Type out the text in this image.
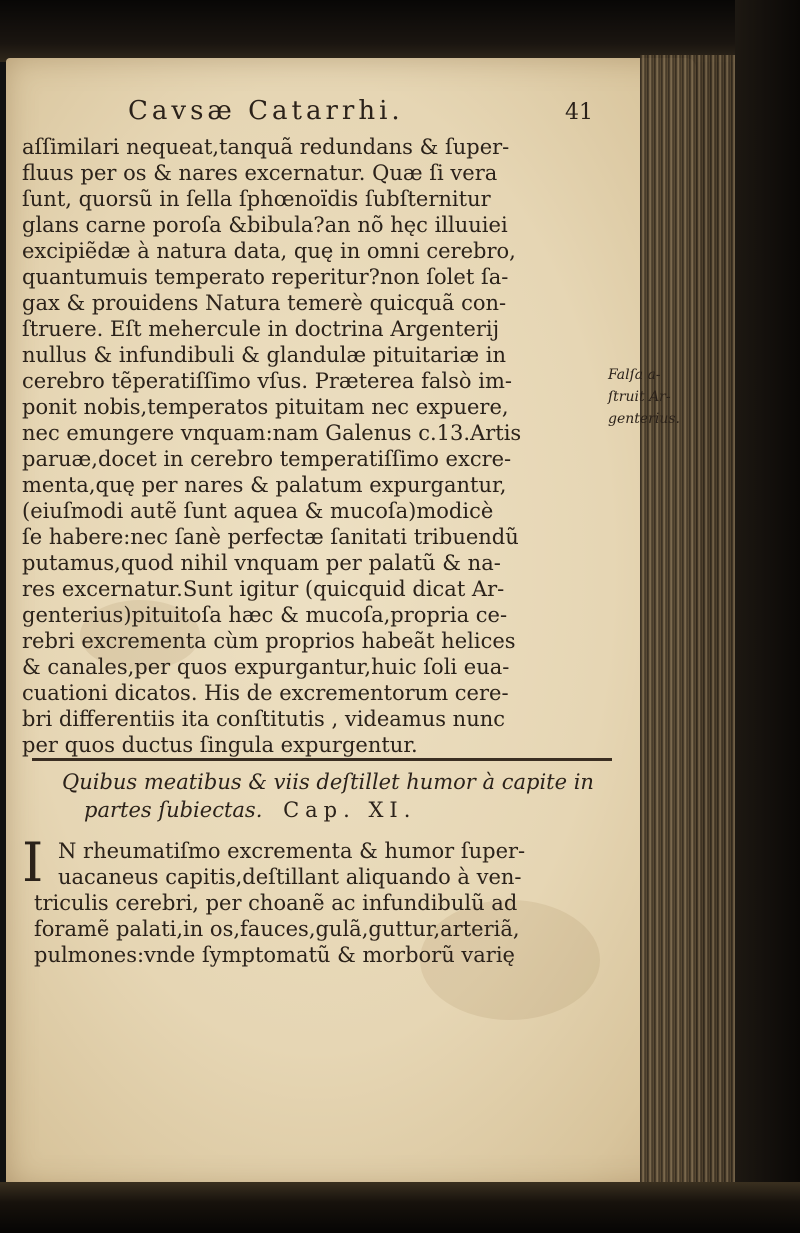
Cavsæ Catarrhi.	41
aſſimilari nequeat,tanquã redundans & ſuper-
fluus per os & nares excernatur. Quæ ſi vera
ſunt, quorsũ in ſella ſphœnoïdis ſubſternitur
glans carne poroſa &bibula?an nõ hęc illuuiei
excipiẽdæ à natura data, quę in omni cerebro,
quantumuis temperato reperitur?non ſolet ſa-
gax & prouidens Natura temerè quicquã con-
ſtruere. Eſt mehercule in doctrina Argenterij
nullus & infundibuli & glandulæ pituitariæ in
cerebro tẽperatiſſimo vſus. Præterea falsò im-
ponit nobis,temperatos pituitam nec expuere,
nec emungere vnquam:nam Galenus c.13.Artis
paruæ,docet in cerebro temperatiſſimo excre-
menta,quę per nares & palatum expurgantur,
(eiuſmodi autẽ ſunt aquea & mucoſa)modicè
ſe habere:nec ſanè perfectæ ſanitati tribuendũ
putamus,quod nihil vnquam per palatũ & na-
res excernatur.Sunt igitur (quicquid dicat Ar-
genterius)pituitoſa hæc & mucoſa,propria ce-
rebri excrementa cùm proprios habeãt helices
& canales,per quos expurgantur,huic ſoli eua-
cuationi dicatos. His de excrementorum cere-
bri differentiis ita conſtitutis , videamus nunc
per quos ductus ſingula expurgentur.
Falſa a-
ſtruit Ar-
genterius.
Quibus meatibus & viis deſtillet humor à capite in
partes ſubiectas. Cap. XI.
I N rheumatiſmo excrementa & humor ſuper-
uacaneus capitis,deſtillant aliquando à ven-
triculis cerebri, per choanẽ ac infundibulũ ad
foramẽ palati,in os,fauces,gulã,guttur,arteriã,
pulmones:vnde ſymptomatũ & morborũ varię
